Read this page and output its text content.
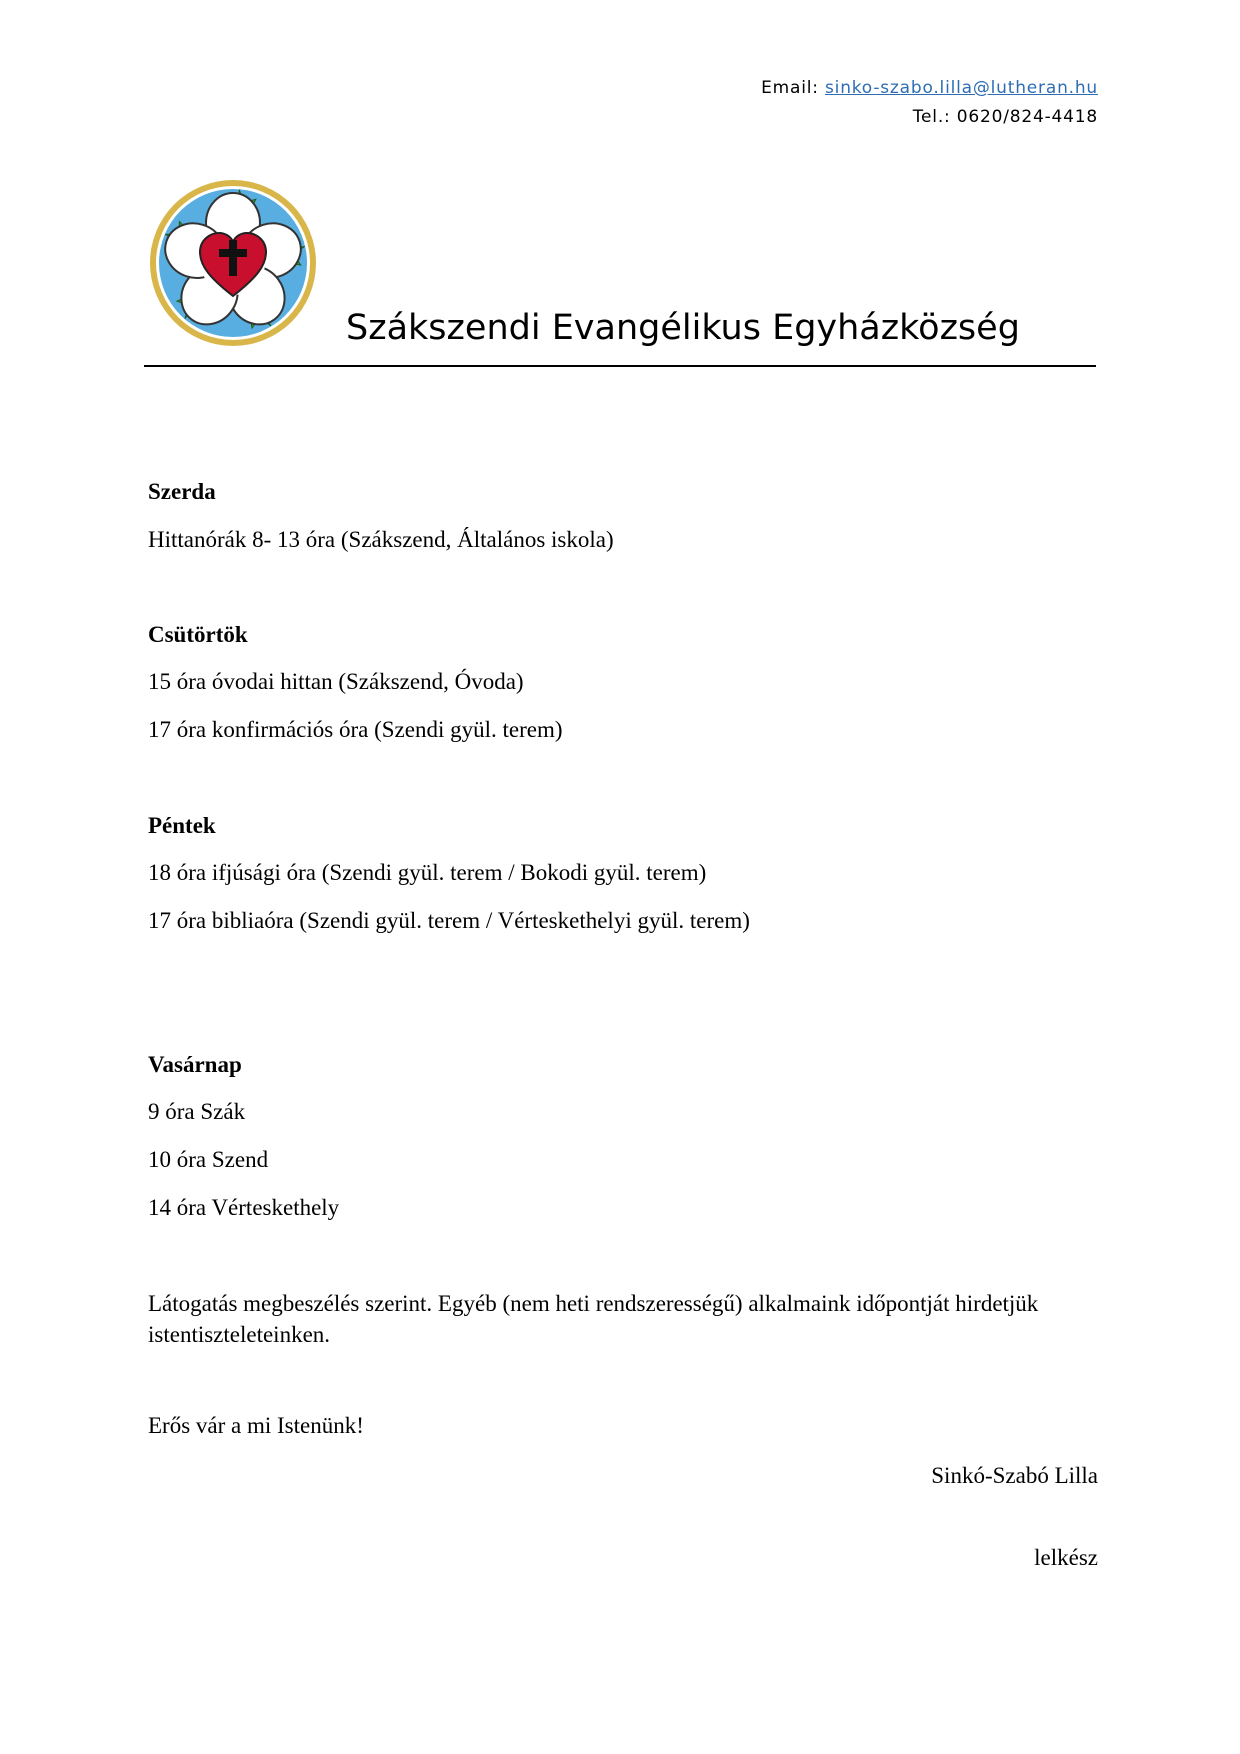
Email: sinko-szabo.lilla@lutheran.hu
Tel.: 0620/824-4418
Szákszendi Evangélikus Egyházközség
Szerda
Hittanórák 8- 13 óra (Szákszend, Általános iskola)
Csütörtök
15 óra óvodai hittan (Szákszend, Óvoda)
17 óra konfirmációs óra (Szendi gyül. terem)
Péntek
18 óra ifjúsági óra (Szendi gyül. terem / Bokodi gyül. terem)
17 óra bibliaóra (Szendi gyül. terem / Vérteskethelyi gyül. terem)
Vasárnap
9 óra Szák
10 óra Szend
14 óra Vérteskethely
Látogatás megbeszélés szerint. Egyéb (nem heti rendszerességű) alkalmaink időpontját hirdetjük istentiszteleteinken.
Erős vár a mi Istenünk!
Sinkó-Szabó Lilla
lelkész
